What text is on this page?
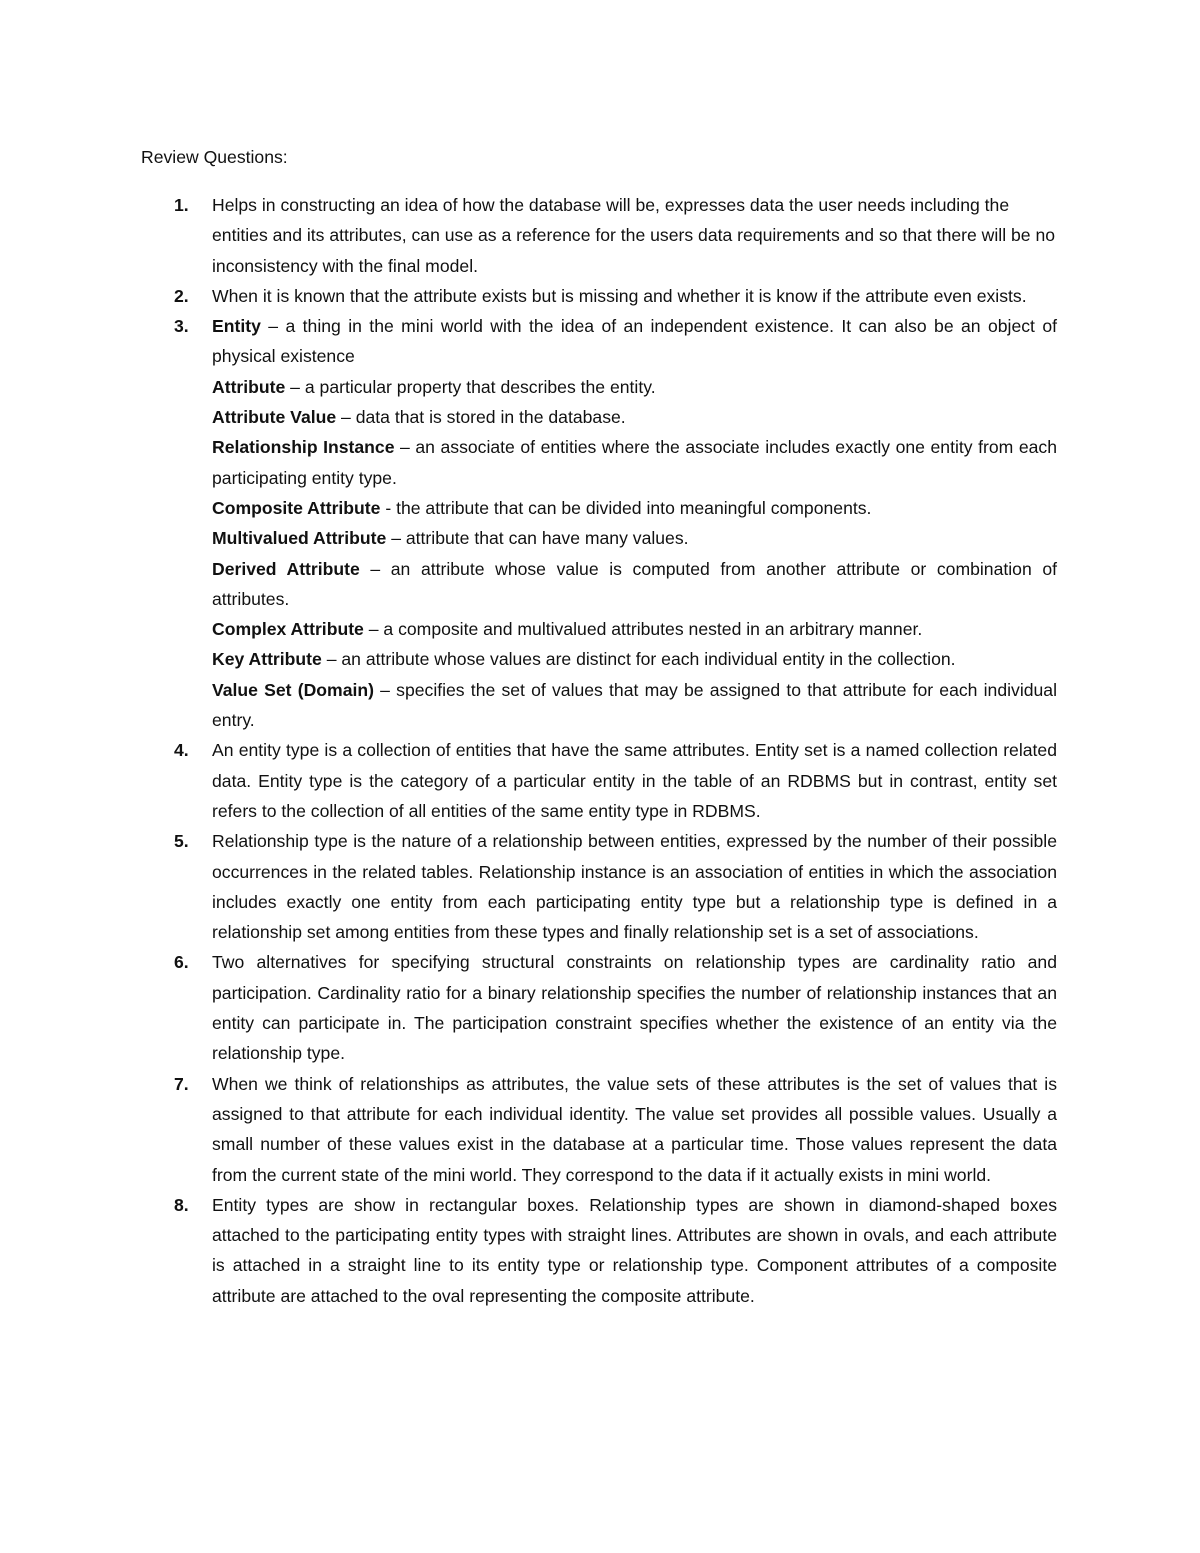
Review Questions:

1. Helps in constructing an idea of how the database will be, expresses data the user needs including the entities and its attributes, can use as a reference for the users data requirements and so that there will be no inconsistency with the final model.

2. When it is known that the attribute exists but is missing and whether it is know if the attribute even exists.

3. Entity – a thing in the mini world with the idea of an independent existence. It can also be an object of physical existence

Attribute – a particular property that describes the entity.

Attribute Value – data that is stored in the database.

Relationship Instance – an associate of entities where the associate includes exactly one entity from each participating entity type.

Composite Attribute - the attribute that can be divided into meaningful components.

Multivalued Attribute – attribute that can have many values.

Derived Attribute – an attribute whose value is computed from another attribute or combination of attributes.

Complex Attribute – a composite and multivalued attributes nested in an arbitrary manner.

Key Attribute – an attribute whose values are distinct for each individual entity in the collection.

Value Set (Domain) – specifies the set of values that may be assigned to that attribute for each individual entry.

4. An entity type is a collection of entities that have the same attributes. Entity set is a named collection related data. Entity type is the category of a particular entity in the table of an RDBMS but in contrast, entity set refers to the collection of all entities of the same entity type in RDBMS.

5. Relationship type is the nature of a relationship between entities, expressed by the number of their possible occurrences in the related tables. Relationship instance is an association of entities in which the association includes exactly one entity from each participating entity type but a relationship type is defined in a relationship set among entities from these types and finally relationship set is a set of associations.

6. Two alternatives for specifying structural constraints on relationship types are cardinality ratio and participation. Cardinality ratio for a binary relationship specifies the number of relationship instances that an entity can participate in. The participation constraint specifies whether the existence of an entity via the relationship type.

7. When we think of relationships as attributes, the value sets of these attributes is the set of values that is assigned to that attribute for each individual identity. The value set provides all possible values. Usually a small number of these values exist in the database at a particular time. Those values represent the data from the current state of the mini world. They correspond to the data if it actually exists in mini world.

8. Entity types are show in rectangular boxes. Relationship types are shown in diamond-shaped boxes attached to the participating entity types with straight lines. Attributes are shown in ovals, and each attribute is attached in a straight line to its entity type or relationship type. Component attributes of a composite attribute are attached to the oval representing the composite attribute.
